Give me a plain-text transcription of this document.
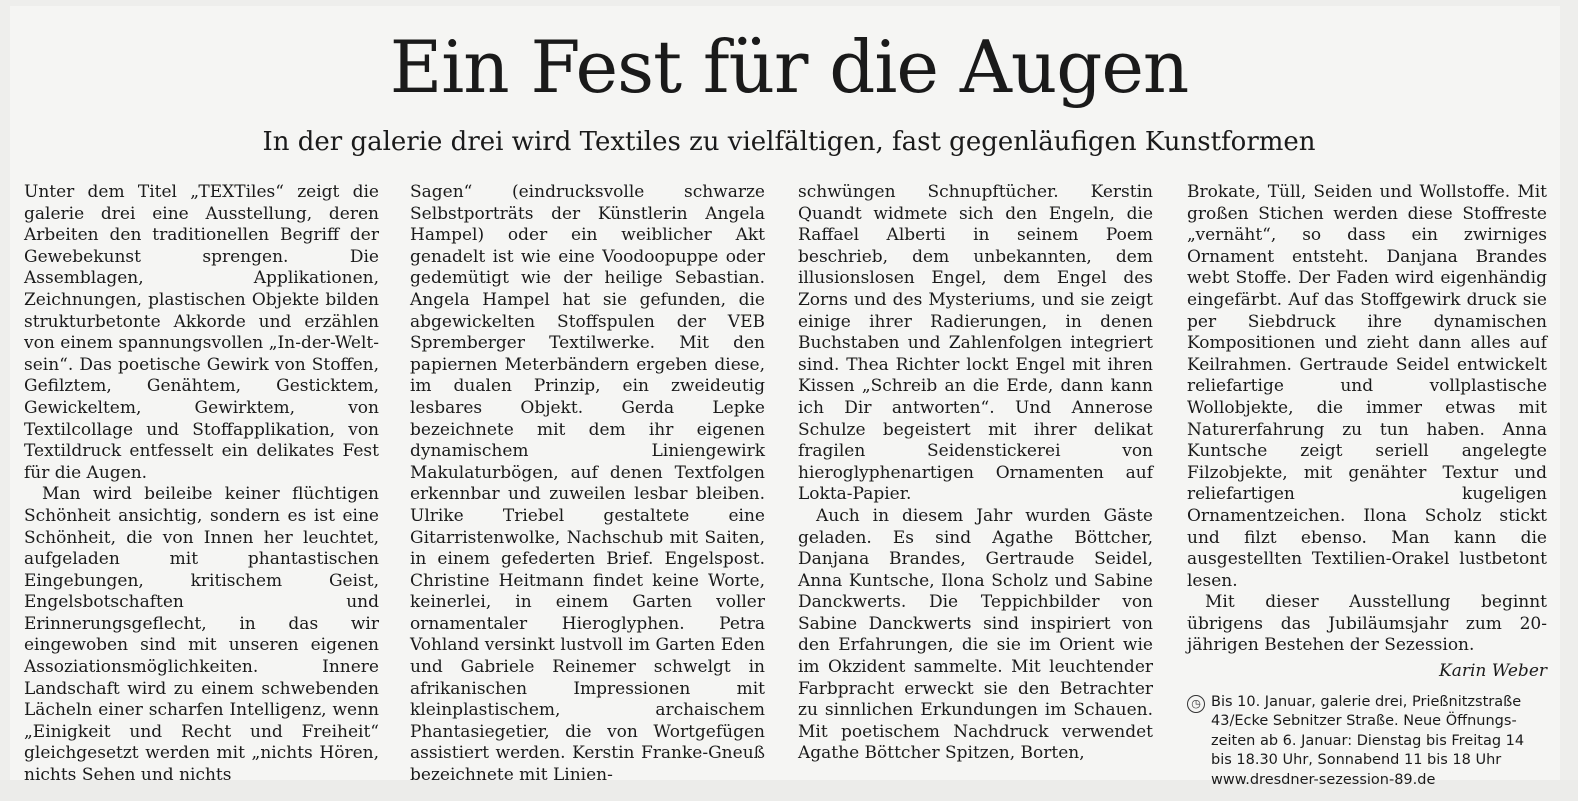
Ein Fest für die Augen
In der galerie drei wird Textiles zu vielfältigen, fast gegenläufigen Kunstformen

Unter dem Titel „TEXTiles“ zeigt die galerie drei eine Ausstellung, deren Arbeiten den traditionellen Begriff der Gewebekunst sprengen. Die Assemblagen, Applikationen, Zeichnungen, plastischen Objekte bilden strukturbetonte Akkorde und erzählen von einem spannungsvollen „In-der-Welt-sein“. Das poetische Gewirk von Stoffen, Gefilztem, Genähtem, Gesticktem, Gewickeltem, Gewirktem, von Textilcollage und Stoffapplikation, von Textildruck entfesselt ein delikates Fest für die Augen.

Man wird beileibe keiner flüchtigen Schönheit ansichtig, sondern es ist eine Schönheit, die von Innen her leuchtet, aufgeladen mit phantastischen Eingebungen, kritischem Geist, Engelsbotschaften und Erinnerungsgeflecht, in das wir eingewoben sind mit unseren eigenen Assoziationsmöglichkeiten. Innere Landschaft wird zu einem schwebenden Lächeln einer scharfen Intelligenz, wenn „Einigkeit und Recht und Freiheit“ gleichgesetzt werden mit „nichts Hören, nichts Sehen und nichts

Sagen“ (eindrucksvolle schwarze Selbstporträts der Künstlerin Angela Hampel) oder ein weiblicher Akt genadelt ist wie eine Voodoopuppe oder gedemütigt wie der heilige Sebastian. Angela Hampel hat sie gefunden, die abgewickelten Stoffspulen der VEB Spremberger Textilwerke. Mit den papiernen Meterbändern ergeben diese, im dualen Prinzip, ein zweideutig lesbares Objekt. Gerda Lepke bezeichnete mit dem ihr eigenen dynamischem Liniengewirk Makulaturbögen, auf denen Textfolgen erkennbar und zuweilen lesbar bleiben. Ulrike Triebel gestaltete eine Gitarristenwolke, Nachschub mit Saiten, in einem gefederten Brief. Engelspost. Christine Heitmann findet keine Worte, keinerlei, in einem Garten voller ornamentaler Hieroglyphen. Petra Vohland versinkt lustvoll im Garten Eden und Gabriele Reinemer schwelgt in afrikanischen Impressionen mit kleinplastischem, archaischem Phantasiegetier, die von Wortgefügen assistiert werden. Kerstin Franke-Gneuß bezeichnete mit Linien-

schwüngen Schnupftücher. Kerstin Quandt widmete sich den Engeln, die Raffael Alberti in seinem Poem beschrieb, dem unbekannten, dem illusionslosen Engel, dem Engel des Zorns und des Mysteriums, und sie zeigt einige ihrer Radierungen, in denen Buchstaben und Zahlenfolgen integriert sind. Thea Richter lockt Engel mit ihren Kissen „Schreib an die Erde, dann kann ich Dir antworten“. Und Annerose Schulze begeistert mit ihrer delikat fragilen Seidenstickerei von hieroglyphenartigen Ornamenten auf Lokta-Papier.

Auch in diesem Jahr wurden Gäste geladen. Es sind Agathe Böttcher, Danjana Brandes, Gertraude Seidel, Anna Kuntsche, Ilona Scholz und Sabine Danckwerts. Die Teppichbilder von Sabine Danckwerts sind inspiriert von den Erfahrungen, die sie im Orient wie im Okzident sammelte. Mit leuchtender Farbpracht erweckt sie den Betrachter zu sinnlichen Erkundungen im Schauen. Mit poetischem Nachdruck verwendet Agathe Böttcher Spitzen, Borten,

Brokate, Tüll, Seiden und Wollstoffe. Mit großen Stichen werden diese Stoffreste „vernäht“, so dass ein zwirniges Ornament entsteht. Danjana Brandes webt Stoffe. Der Faden wird eigenhändig eingefärbt. Auf das Stoffgewirk druck sie per Siebdruck ihre dynamischen Kompositionen und zieht dann alles auf Keilrahmen. Gertraude Seidel entwickelt reliefartige und vollplastische Wollobjekte, die immer etwas mit Naturerfahrung zu tun haben. Anna Kuntsche zeigt seriell angelegte Filzobjekte, mit genähter Textur und reliefartigen kugeligen Ornamentzeichen. Ilona Scholz stickt und filzt ebenso. Man kann die ausgestellten Textilien-Orakel lustbetont lesen.

Mit dieser Ausstellung beginnt übrigens das Jubiläumsjahr zum 20-jährigen Bestehen der Sezession.

Karin Weber

◷ Bis 10. Januar, galerie drei, Prießnitzstraße
43/Ecke Sebnitzer Straße. Neue Öffnungs-
zeiten ab 6. Januar: Dienstag bis Freitag 14
bis 18.30 Uhr, Sonnabend 11 bis 18 Uhr
www.dresdner-sezession-89.de
